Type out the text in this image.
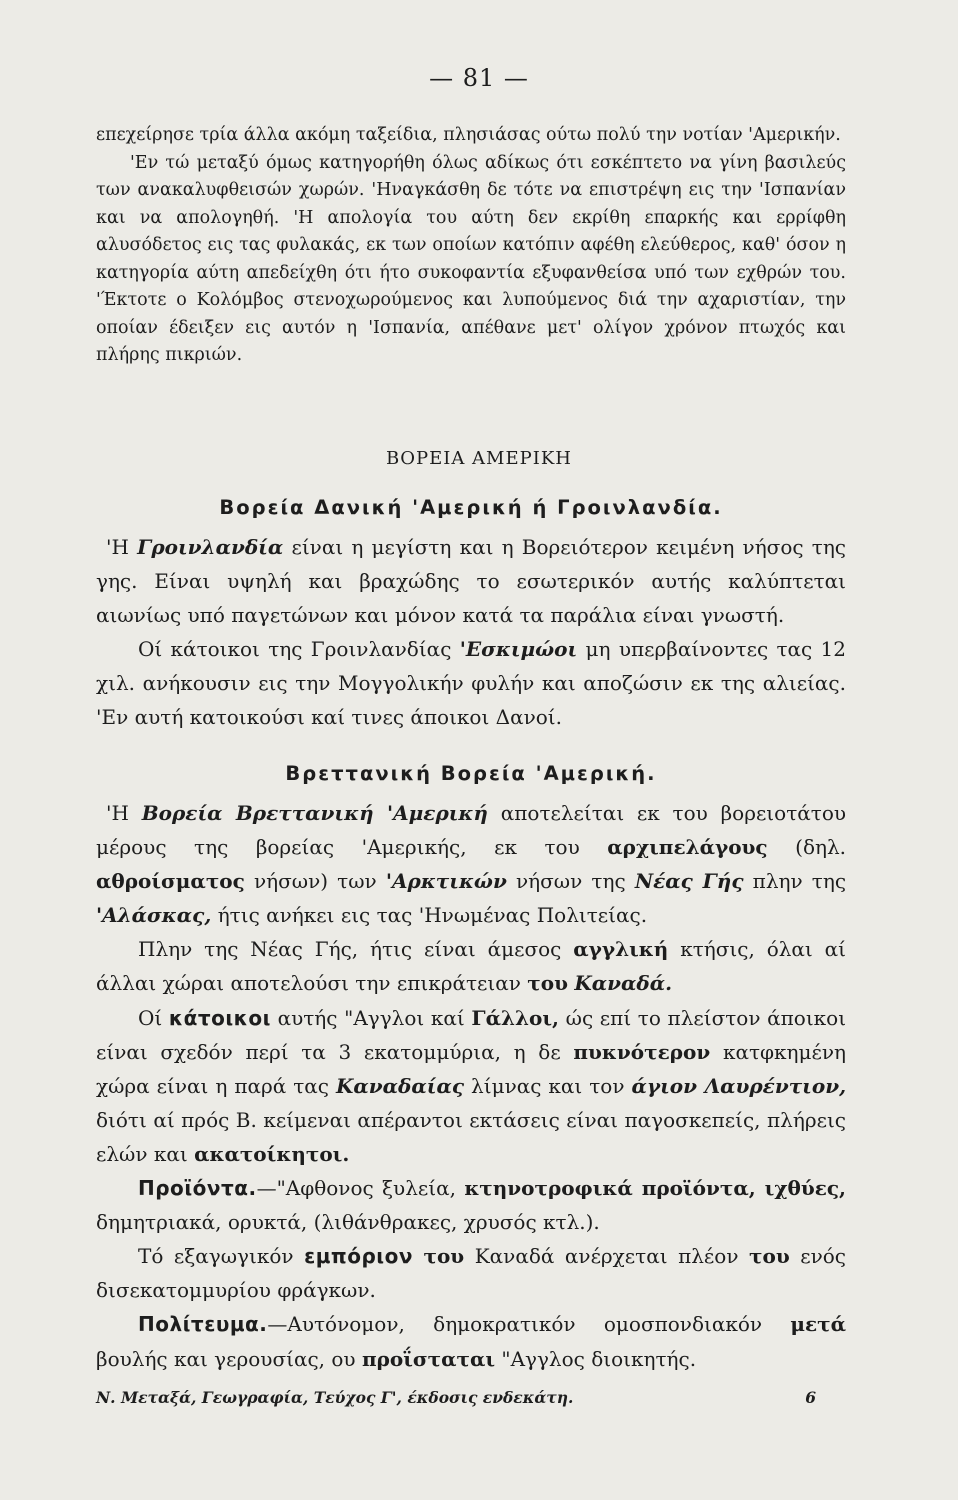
— 81 —

επεχείρησε τρία άλλα ακόμη ταξείδια, πλησιάσας ούτω πολύ την νοτίαν 'Αμερικήν.

'Εν τώ μεταξύ όμως κατηγορήθη όλως αδίκως ότι εσκέπτετο να γίνη βασιλεύς των ανακαλυφθεισών χωρών. 'Ηναγκάσθη δε τότε να επιστρέψη εις την 'Ισπανίαν και να απολογηθή. 'Η απολογία του αύτη δεν εκρίθη επαρκής και ερρίφθη αλυσόδετος εις τας φυλακάς, εκ των οποίων κατόπιν αφέθη ελεύθερος, καθ' όσον η κατηγορία αύτη απεδείχθη ότι ήτο συκοφαντία εξυφανθείσα υπό των εχθρών του. 'Έκτοτε ο Κολόμβος στενοχωρούμενος και λυπούμενος διά την αχαριστίαν, την οποίαν έδειξεν εις αυτόν η 'Ισπανία, απέθανε μετ' ολίγον χρόνον πτωχός και πλήρης πικριών.

ΒΟΡΕΙΑ ΑΜΕΡΙΚΗ
Βορεία Δανική 'Αμερική ή Γροινλανδία.

'Η Γροινλανδία είναι η μεγίστη και η Βορειότερον κειμένη νήσος της γης. Είναι υψηλή και βραχώδης το εσωτερικόν αυτής καλύπτεται αιωνίως υπό παγετώνων και μόνον κατά τα παράλια είναι γνωστή.

Οί κάτοικοι της Γροινλανδίας 'Εσκιμώοι μη υπερβαίνοντες τας 12 χιλ. ανήκουσιν εις την Μογγολικήν φυλήν και αποζώσιν εκ της αλιείας. 'Εν αυτή κατοικούσι καί τινες άποικοι Δανοί.

Βρεττανική Βορεία 'Αμερική.

'Η Βορεία Βρεττανική 'Αμερική αποτελείται εκ του βορειοτάτου μέρους της βορείας 'Αμερικής, εκ του αρχιπελάγους (δηλ. αθροίσματος νήσων) των 'Αρκτικών νήσων της Νέας Γής πλην της 'Αλάσκας, ήτις ανήκει εις τας 'Ηνωμένας Πολιτείας.

Πλην της Νέας Γής, ήτις είναι άμεσος αγγλική κτήσις, όλαι αί άλλαι χώραι αποτελούσι την επικράτειαν του Καναδά.

Οί κάτοικοι αυτής "Αγγλοι καί Γάλλοι, ώς επί το πλείστον άποικοι είναι σχεδόν περί τα 3 εκατομμύρια, η δε πυκνότερον κατφκημένη χώρα είναι η παρά τας Καναδαίας λίμνας και τον άγιον Λαυρέντιον, διότι αί πρός Β. κείμεναι απέραντοι εκτάσεις είναι παγοσκεπείς, πλήρεις ελών και ακατοίκητοι.

Προϊόντα.—"Αφθονος ξυλεία, κτηνοτροφικά προϊόντα, ιχθύες, δημητριακά, ορυκτά, (λιθάνθρακες, χρυσός κτλ.).

Τό εξαγωγικόν εμπόριον του Καναδά ανέρχεται πλέον του ενός δισεκατομμυρίου φράγκων.

Πολίτευμα.—Αυτόνομον, δημοκρατικόν ομοσπονδιακόν μετά βουλής και γερουσίας, ου προΐσταται "Αγγλος διοικητής.

Ν. Μεταξά, Γεωγραφία, Τεύχος Γ', έκδοσις ενδεκάτη.	6
